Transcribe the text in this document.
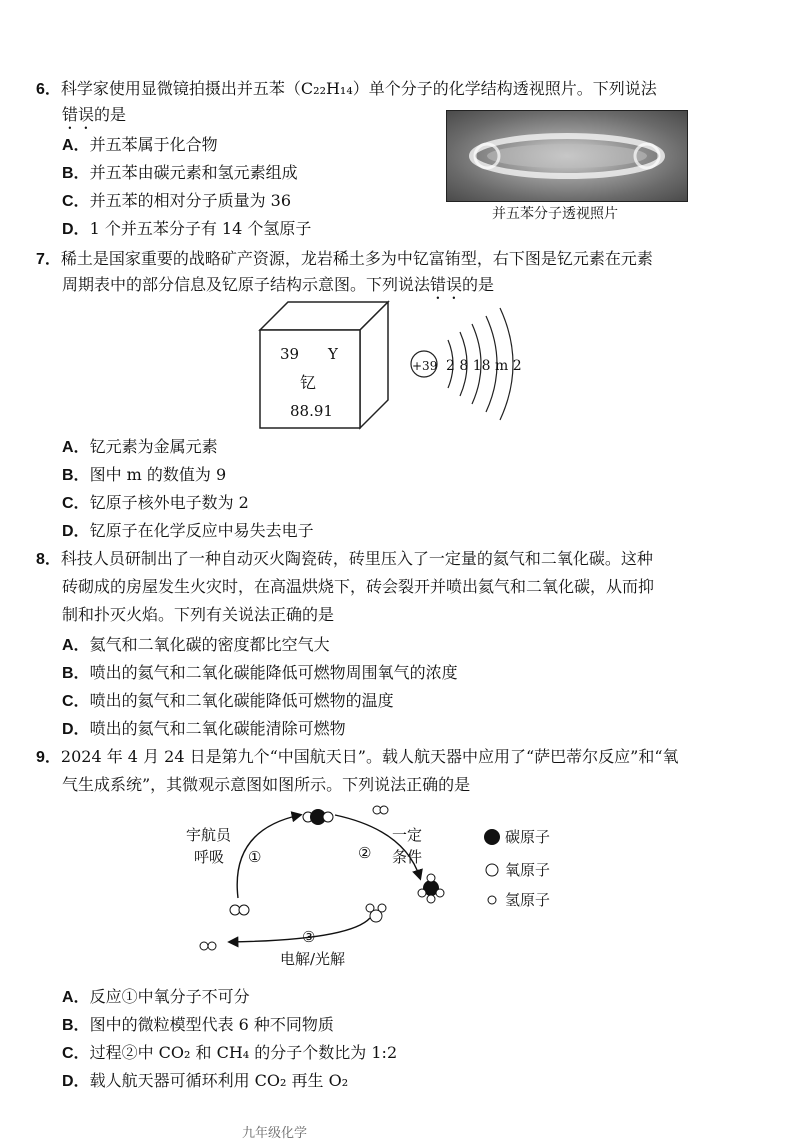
6．科学家使用显微镜拍摄出并五苯（C₂₂H₁₄）单个分子的化学结构透视照片。下列说法
错误的是
A．并五苯属于化合物
B．并五苯由碳元素和氢元素组成
C．并五苯的相对分子质量为 36
D．1 个并五苯分子有 14 个氢原子
并五苯分子透视照片
7．稀土是国家重要的战略矿产资源，龙岩稀土多为中钇富铕型，右下图是钇元素在元素
周期表中的部分信息及钇原子结构示意图。下列说法错误的是
39 Y
钇
88.91
+39 2 8 18 m 2
A．钇元素为金属元素
B．图中 m 的数值为 9
C．钇原子核外电子数为 2
D．钇原子在化学反应中易失去电子
8．科技人员研制出了一种自动灭火陶瓷砖，砖里压入了一定量的氦气和二氧化碳。这种
砖砌成的房屋发生火灾时，在高温烘烧下，砖会裂开并喷出氦气和二氧化碳，从而抑
制和扑灭火焰。下列有关说法正确的是
A．氦气和二氧化碳的密度都比空气大
B．喷出的氦气和二氧化碳能降低可燃物周围氧气的浓度
C．喷出的氦气和二氧化碳能降低可燃物的温度
D．喷出的氦气和二氧化碳能清除可燃物
9．2024 年 4 月 24 日是第九个“中国航天日”。载人航天器中应用了“萨巴蒂尔反应”和“氧
气生成系统”，其微观示意图如图所示。下列说法正确的是
宇航员
呼吸 ①	②
一定
条件
③
电解/光解
碳原子
氧原子
氢原子
A．反应①中氧分子不可分
B．图中的微粒模型代表 6 种不同物质
C．过程②中 CO₂ 和 CH₄ 的分子个数比为 1:2
D．载人航天器可循环利用 CO₂ 再生 O₂
九年级化学
